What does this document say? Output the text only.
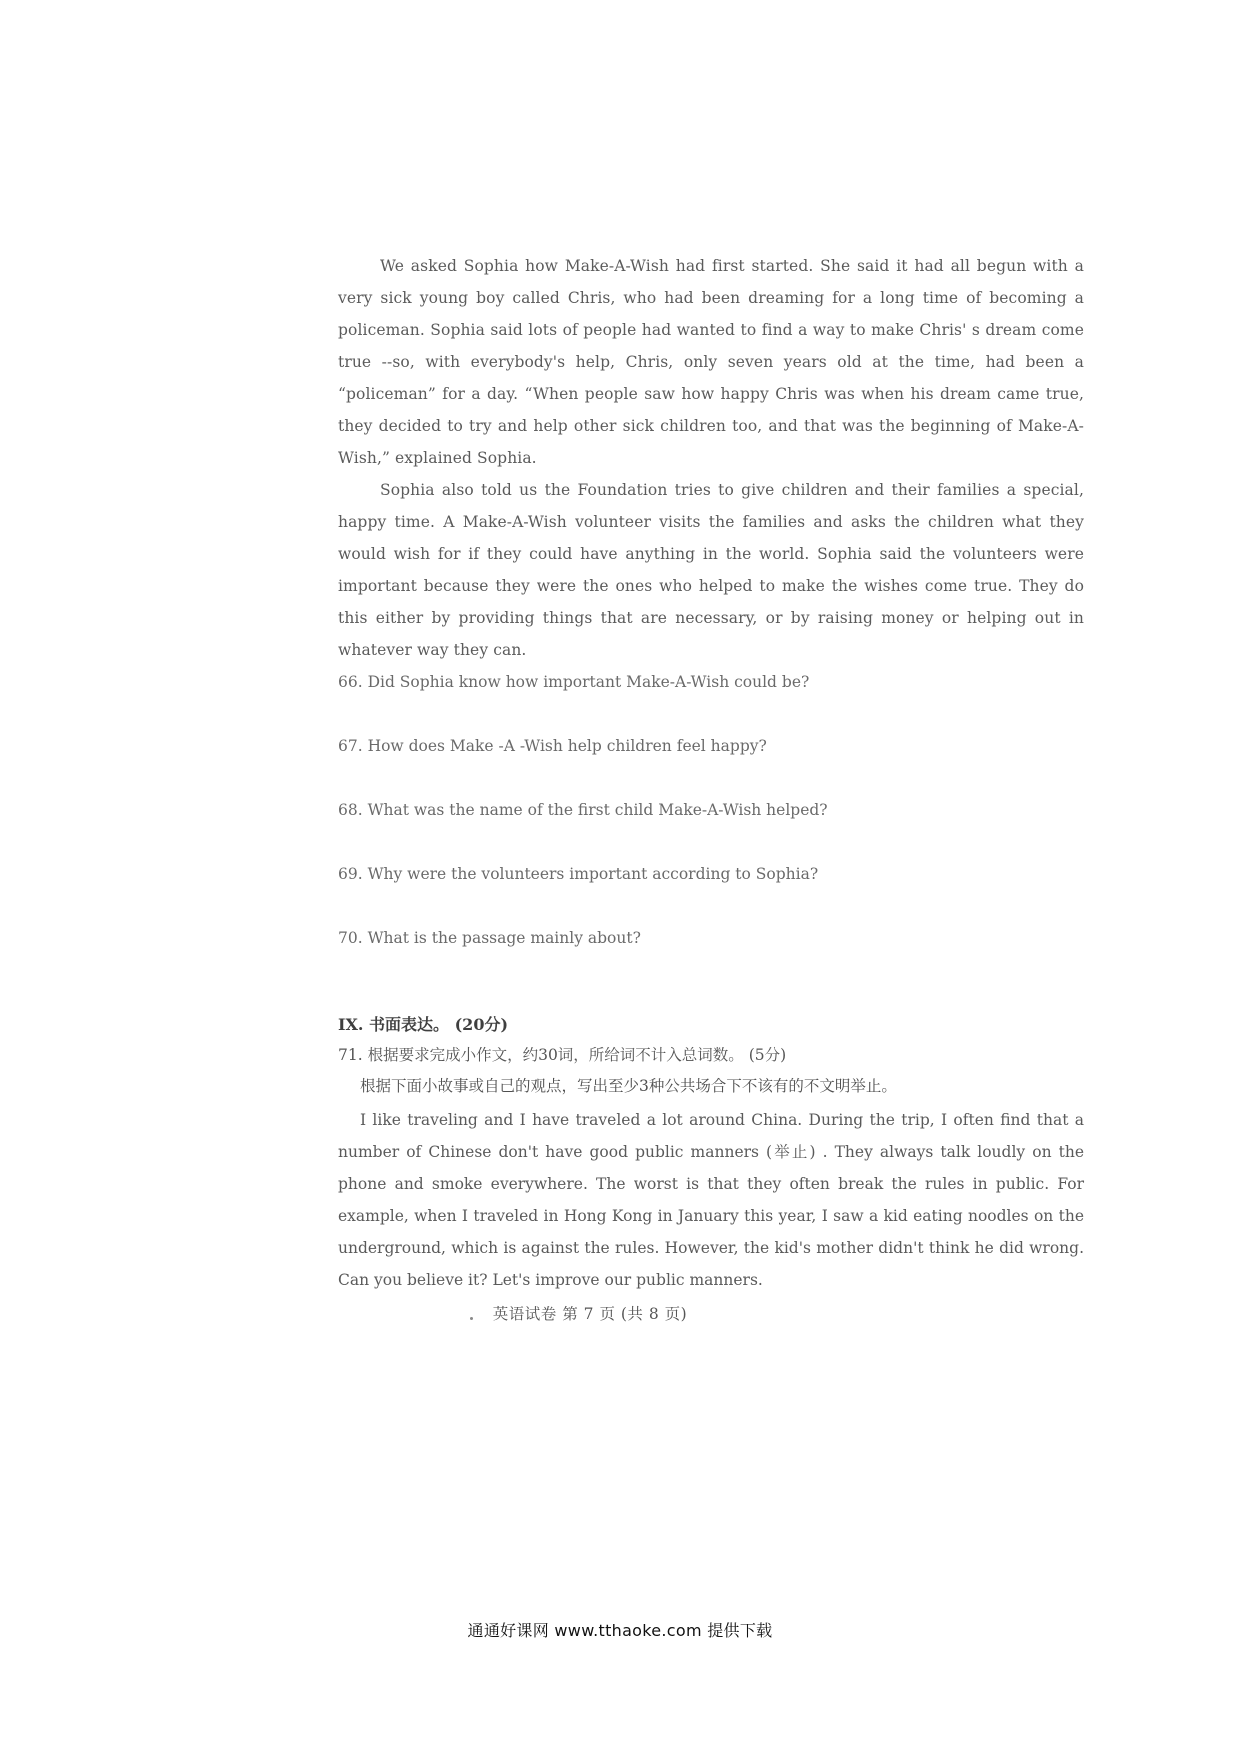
We asked Sophia how Make-A-Wish had first started. She said it had all begun with a very sick young boy called Chris, who had been dreaming for a long time of becoming a policeman. Sophia said lots of people had wanted to find a way to make Chris' s dream come true --so, with everybody's help, Chris, only seven years old at the time, had been a “policeman” for a day. “When people saw how happy Chris was when his dream came true, they decided to try and help other sick children too, and that was the beginning of Make-A-Wish,” explained Sophia.

Sophia also told us the Foundation tries to give children and their families a special, happy time. A Make-A-Wish volunteer visits the families and asks the children what they would wish for if they could have anything in the world. Sophia said the volunteers were important because they were the ones who helped to make the wishes come true. They do this either by providing things that are necessary, or by raising money or helping out in whatever way they can.

66. Did Sophia know how important Make-A-Wish could be?
67. How does Make -A -Wish help children feel happy?
68. What was the name of the first child Make-A-Wish helped?
69. Why were the volunteers important according to Sophia?
70. What is the passage mainly about?

IX. 书面表达。 (20分)

71. 根据要求完成小作文，约30词，所给词不计入总词数。 (5分)

根据下面小故事或自己的观点，写出至少3种公共场合下不该有的不文明举止。

I like traveling and I have traveled a lot around China. During the trip, I often find that a number of Chinese don't have good public manners (举止) . They always talk loudly on the phone and smoke everywhere. The worst is that they often break the rules in public. For example, when I traveled in Hong Kong in January this year, I saw a kid eating noodles on the underground, which is against the rules. However, the kid's mother didn't think he did wrong. Can you believe it? Let's improve our public manners.

英语试卷 第 7 页 (共 8 页)
通通好课网 www.tthaoke.com 提供下载
